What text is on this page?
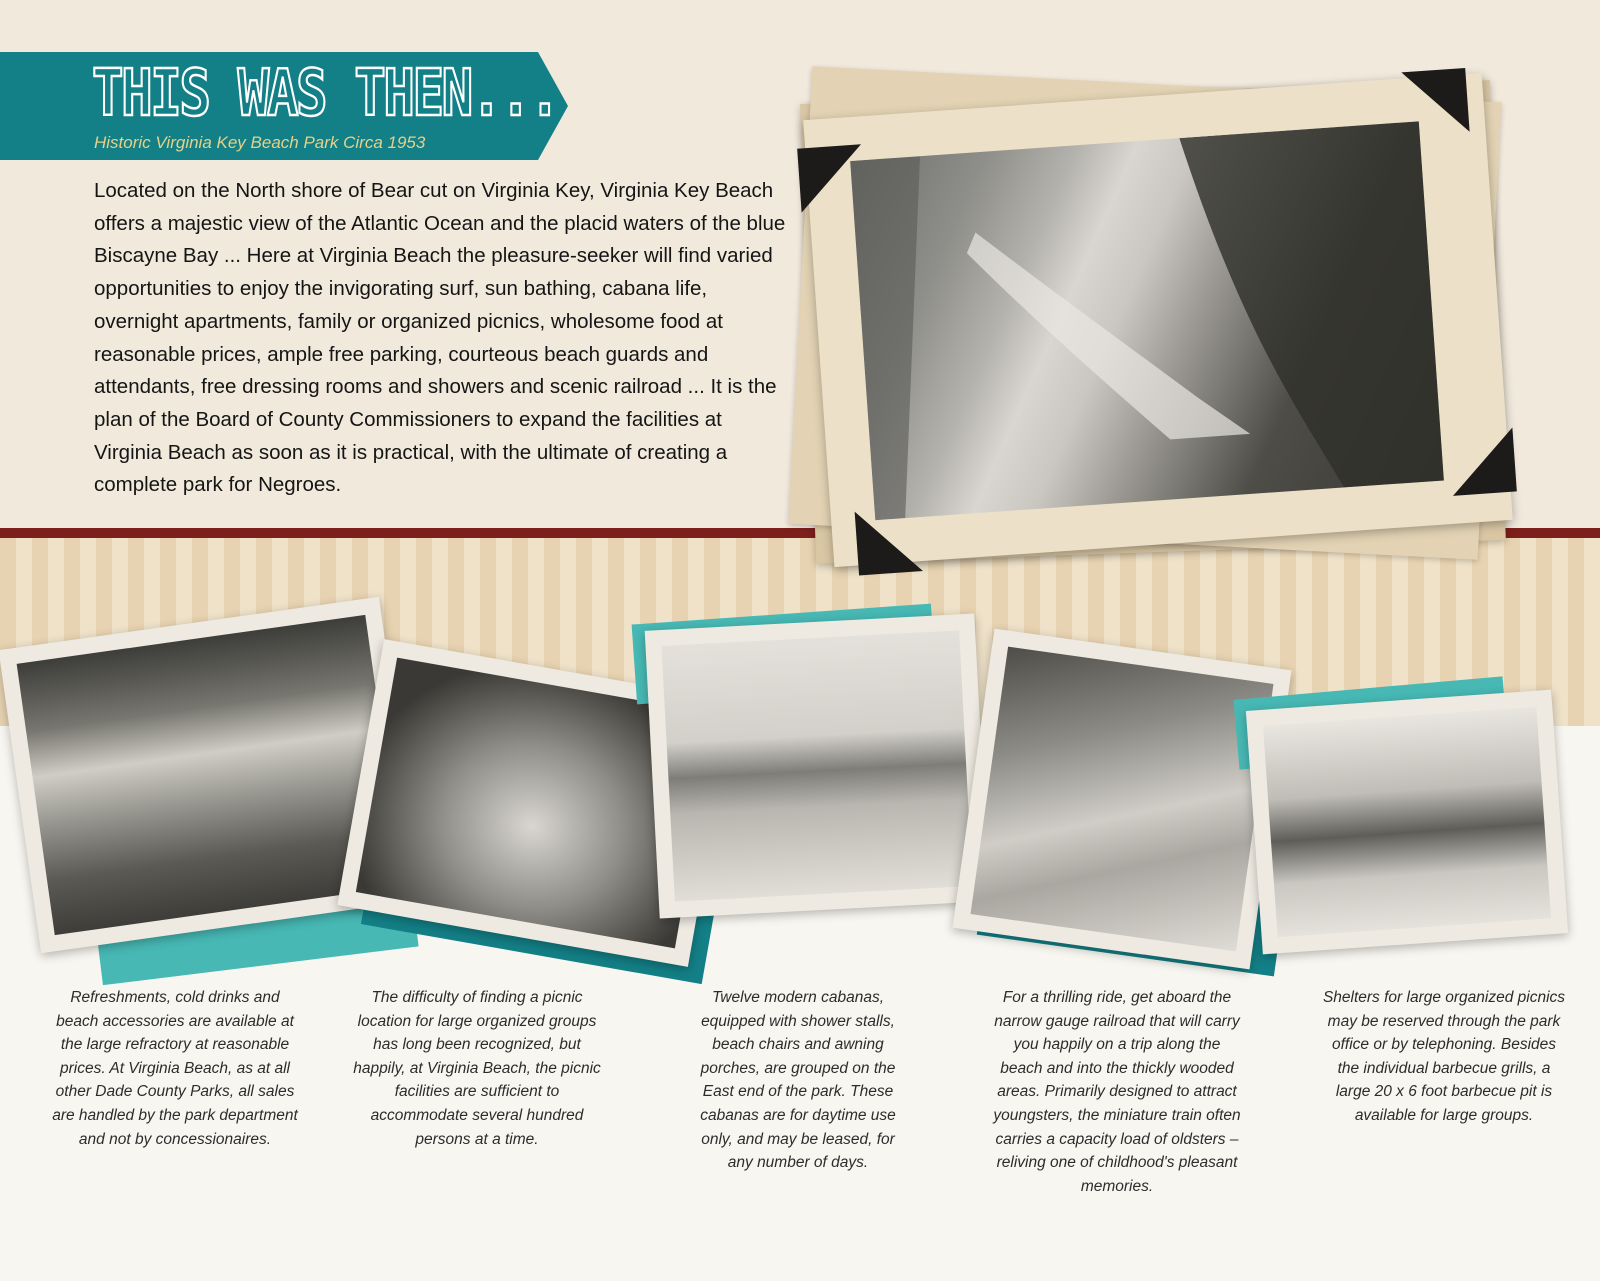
THIS WAS THEN...
Historic Virginia Key Beach Park Circa 1953

Located on the North shore of Bear cut on Virginia Key, Virginia Key Beach offers a majestic view of the Atlantic Ocean and the placid waters of the blue Biscayne Bay ... Here at Virginia Beach the pleasure-seeker will find varied opportunities to enjoy the invigorating surf, sun bathing, cabana life, overnight apartments, family or organized picnics, wholesome food at reasonable prices, ample free parking, courteous beach guards and attendants, free dressing rooms and showers and scenic railroad ... It is the plan of the Board of County Commissioners to expand the facilities at Virginia Beach as soon as it is practical, with the ultimate of creating a complete park for Negroes.

Refreshments, cold drinks and beach accessories are available at the large refractory at reasonable prices. At Virginia Beach, as at all other Dade County Parks, all sales are handled by the park department and not by concessionaires.

The difficulty of finding a picnic location for large organized groups has long been recognized, but happily, at Virginia Beach, the picnic facilities are sufficient to accommodate several hundred persons at a time.

Twelve modern cabanas, equipped with shower stalls, beach chairs and awning porches, are grouped on the East end of the park. These cabanas are for daytime use only, and may be leased, for any number of days.

For a thrilling ride, get aboard the narrow gauge railroad that will carry you happily on a trip along the beach and into the thickly wooded areas. Primarily designed to attract youngsters, the miniature train often carries a capacity load of oldsters – reliving one of childhood's pleasant memories.

Shelters for large organized picnics may be reserved through the park office or by telephoning. Besides the individual barbecue grills, a large 20 x 6 foot barbecue pit is available for large groups.
